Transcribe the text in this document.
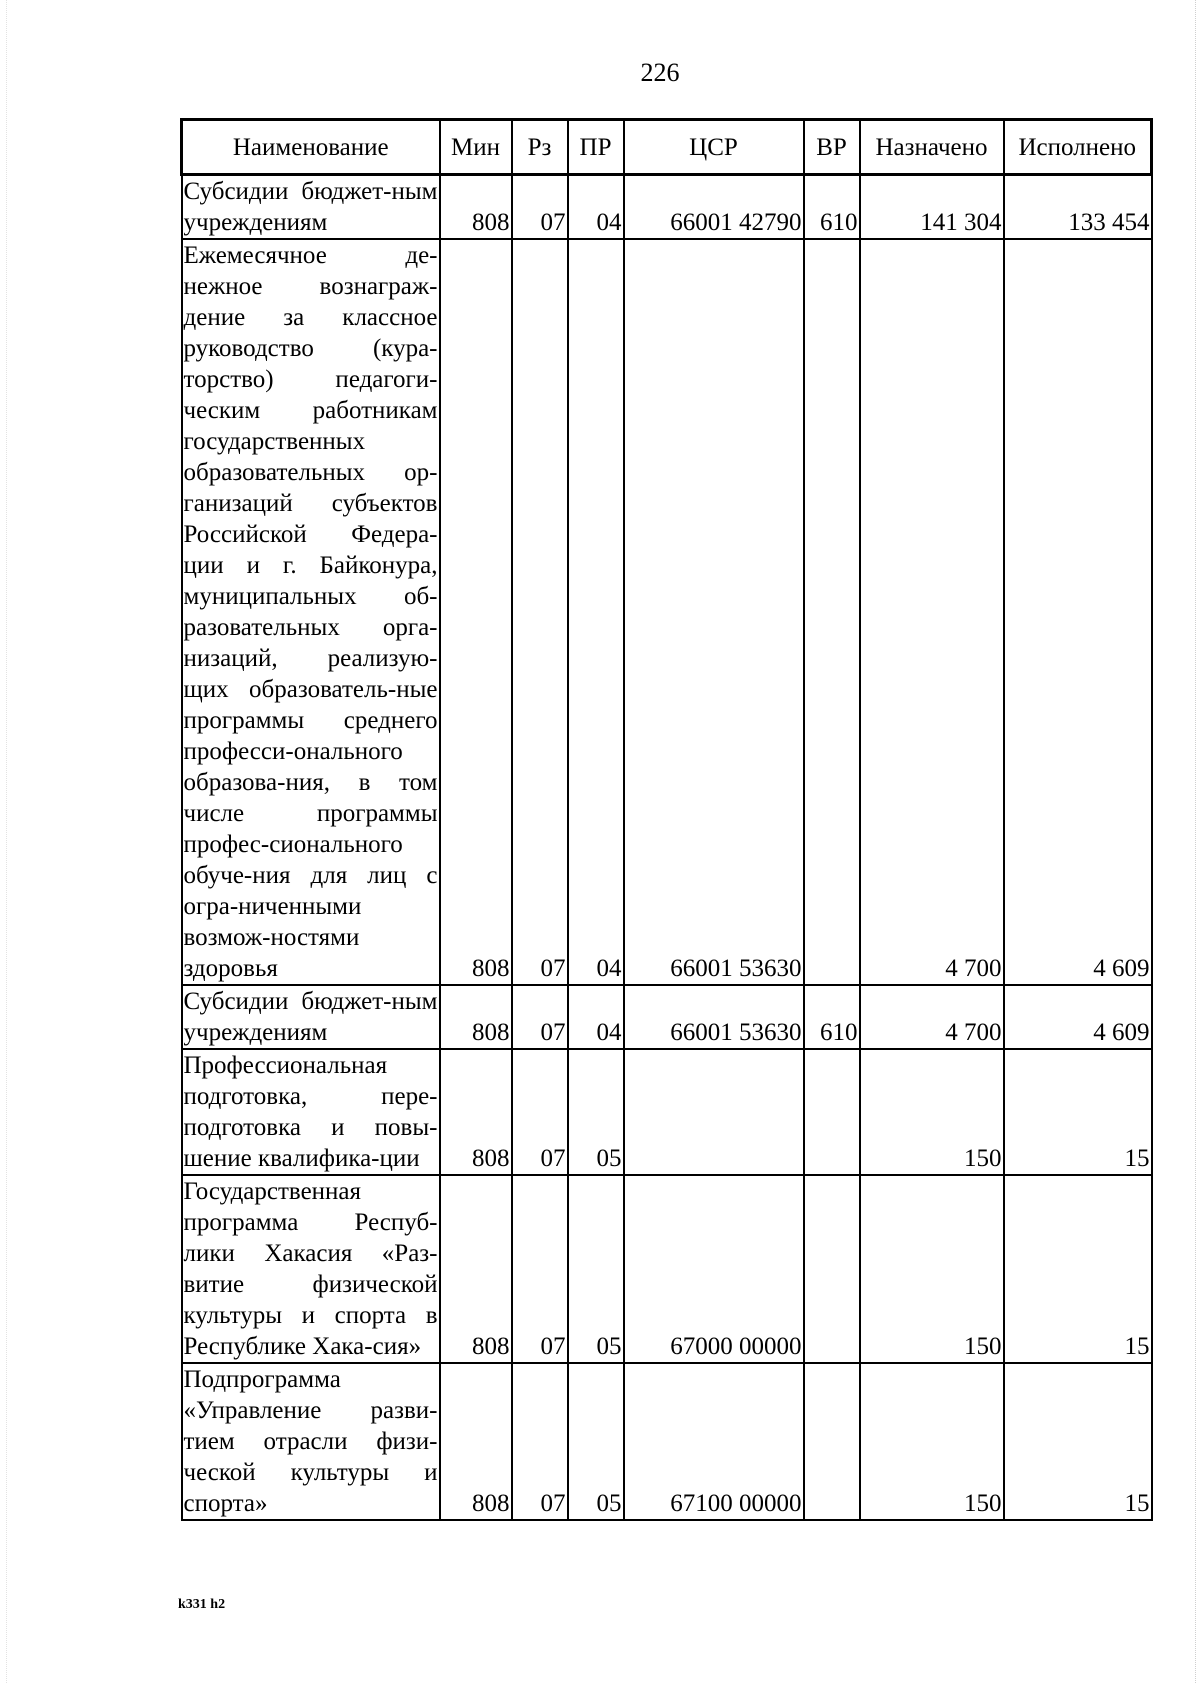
226
Наименование	Мин	Рз	ПР	ЦСР	ВР	Назначено	Исполнено
Субсидии бюджет-ным учреждениям	808	07	04	66001 42790	610	141 304	133 454
Ежемесячное де-нежное вознаграж-дение за классное руководство (кура-торство) педагоги-ческим работникам государственных образовательных ор-ганизаций субъектов Российской Федера-ции и г. Байконура, муниципальных об-разовательных орга-низаций, реализую-щих образователь-ные программы среднего професси-онального образова-ния, в том числе программы профес-сионального обуче-ния для лиц с огра-ниченными возмож-ностями здоровья	808	07	04	66001 53630		4 700	4 609
Субсидии бюджет-ным учреждениям	808	07	04	66001 53630	610	4 700	4 609
Профессиональная подготовка, пере-подготовка и повы-шение квалифика-ции	808	07	05			150	15
Государственная программа Респуб-лики Хакасия «Раз-витие физической культуры и спорта в Республике Хака-сия»	808	07	05	67000 00000		150	15
Подпрограмма «Управление разви-тием отрасли физи-ческой культуры и спорта»	808	07	05	67100 00000		150	15
k331 h2
